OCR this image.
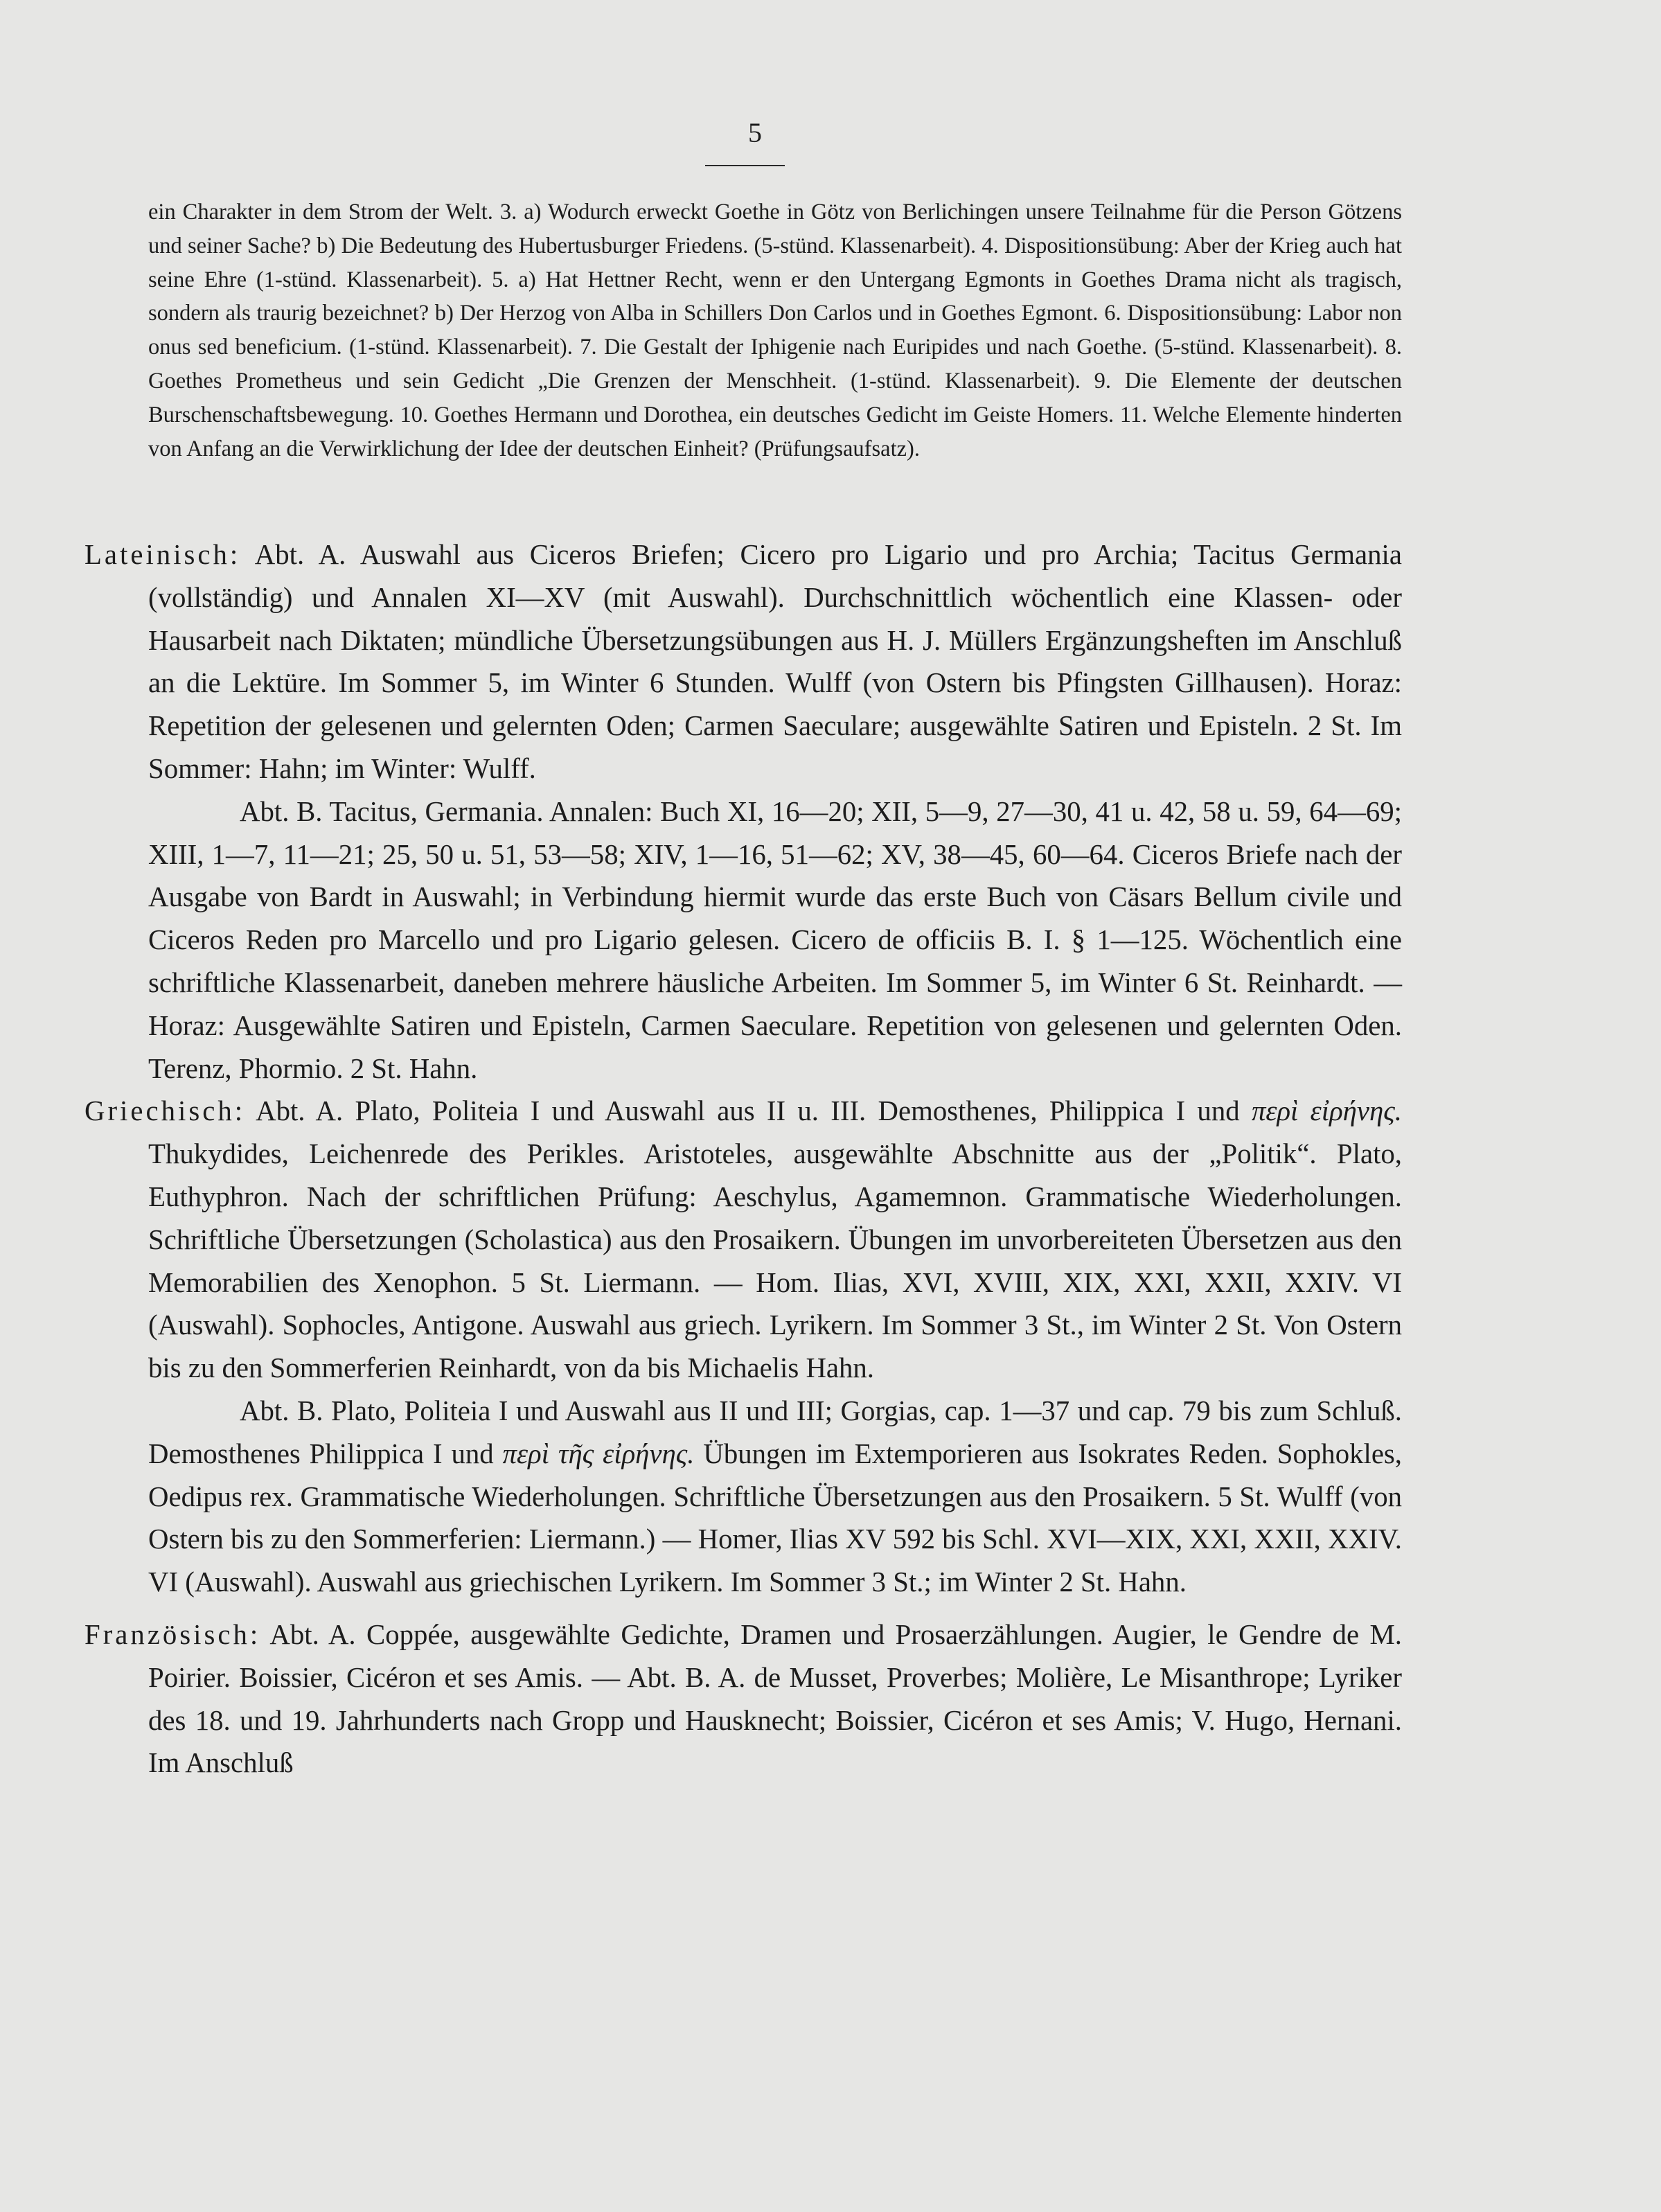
5

ein Charakter in dem Strom der Welt. 3. a) Wodurch erweckt Goethe in Götz von Berlichingen unsere Teilnahme für die Person Götzens und seiner Sache? b) Die Bedeutung des Hubertusburger Friedens. (5-stünd. Klassenarbeit). 4. Dispositionsübung: Aber der Krieg auch hat seine Ehre (1-stünd. Klassenarbeit). 5. a) Hat Hettner Recht, wenn er den Untergang Egmonts in Goethes Drama nicht als tragisch, sondern als traurig bezeichnet? b) Der Herzog von Alba in Schillers Don Carlos und in Goethes Egmont. 6. Dispositionsübung: Labor non onus sed beneficium. (1-stünd. Klassenarbeit). 7. Die Gestalt der Iphigenie nach Euripides und nach Goethe. (5-stünd. Klassenarbeit). 8. Goethes Prometheus und sein Gedicht „Die Grenzen der Menschheit. (1-stünd. Klassenarbeit). 9. Die Elemente der deutschen Burschenschaftsbewegung. 10. Goethes Hermann und Dorothea, ein deutsches Gedicht im Geiste Homers. 11. Welche Elemente hinderten von Anfang an die Verwirklichung der Idee der deutschen Einheit? (Prüfungsaufsatz).

Lateinisch: Abt. A. Auswahl aus Ciceros Briefen; Cicero pro Ligario und pro Archia; Tacitus Germania (vollständig) und Annalen XI—XV (mit Auswahl). Durchschnittlich wöchentlich eine Klassen- oder Hausarbeit nach Diktaten; mündliche Übersetzungsübungen aus H. J. Müllers Ergänzungsheften im Anschluß an die Lektüre. Im Sommer 5, im Winter 6 Stunden. Wulff (von Ostern bis Pfingsten Gillhausen). Horaz: Repetition der gelesenen und gelernten Oden; Carmen Saeculare; ausgewählte Satiren und Episteln. 2 St. Im Sommer: Hahn; im Winter: Wulff.

Abt. B. Tacitus, Germania. Annalen: Buch XI, 16—20; XII, 5—9, 27—30, 41 u. 42, 58 u. 59, 64—69; XIII, 1—7, 11—21; 25, 50 u. 51, 53—58; XIV, 1—16, 51—62; XV, 38—45, 60—64. Ciceros Briefe nach der Ausgabe von Bardt in Auswahl; in Verbindung hiermit wurde das erste Buch von Cäsars Bellum civile und Ciceros Reden pro Marcello und pro Ligario gelesen. Cicero de officiis B. I. § 1—125. Wöchentlich eine schriftliche Klassenarbeit, daneben mehrere häusliche Arbeiten. Im Sommer 5, im Winter 6 St. Reinhardt. — Horaz: Ausgewählte Satiren und Episteln, Carmen Saeculare. Repetition von gelesenen und gelernten Oden. Terenz, Phormio. 2 St. Hahn.

Griechisch: Abt. A. Plato, Politeia I und Auswahl aus II u. III. Demosthenes, Philippica I und περὶ εἰρήνης. Thukydides, Leichenrede des Perikles. Aristoteles, ausgewählte Abschnitte aus der „Politik“. Plato, Euthyphron. Nach der schriftlichen Prüfung: Aeschylus, Agamemnon. Grammatische Wiederholungen. Schriftliche Übersetzungen (Scholastica) aus den Prosaikern. Übungen im unvorbereiteten Übersetzen aus den Memorabilien des Xenophon. 5 St. Liermann. — Hom. Ilias, XVI, XVIII, XIX, XXI, XXII, XXIV. VI (Auswahl). Sophocles, Antigone. Auswahl aus griech. Lyrikern. Im Sommer 3 St., im Winter 2 St. Von Ostern bis zu den Sommerferien Reinhardt, von da bis Michaelis Hahn.

Abt. B. Plato, Politeia I und Auswahl aus II und III; Gorgias, cap. 1—37 und cap. 79 bis zum Schluß. Demosthenes Philippica I und περὶ τῆς εἰρήνης. Übungen im Extemporieren aus Isokrates Reden. Sophokles, Oedipus rex. Grammatische Wiederholungen. Schriftliche Übersetzungen aus den Prosaikern. 5 St. Wulff (von Ostern bis zu den Sommerferien: Liermann.) — Homer, Ilias XV 592 bis Schl. XVI—XIX, XXI, XXII, XXIV. VI (Auswahl). Auswahl aus griechischen Lyrikern. Im Sommer 3 St.; im Winter 2 St. Hahn.

Französisch: Abt. A. Coppée, ausgewählte Gedichte, Dramen und Prosaerzählungen. Augier, le Gendre de M. Poirier. Boissier, Cicéron et ses Amis. — Abt. B. A. de Musset, Proverbes; Molière, Le Misanthrope; Lyriker des 18. und 19. Jahrhunderts nach Gropp und Hausknecht; Boissier, Cicéron et ses Amis; V. Hugo, Hernani. Im Anschluß
